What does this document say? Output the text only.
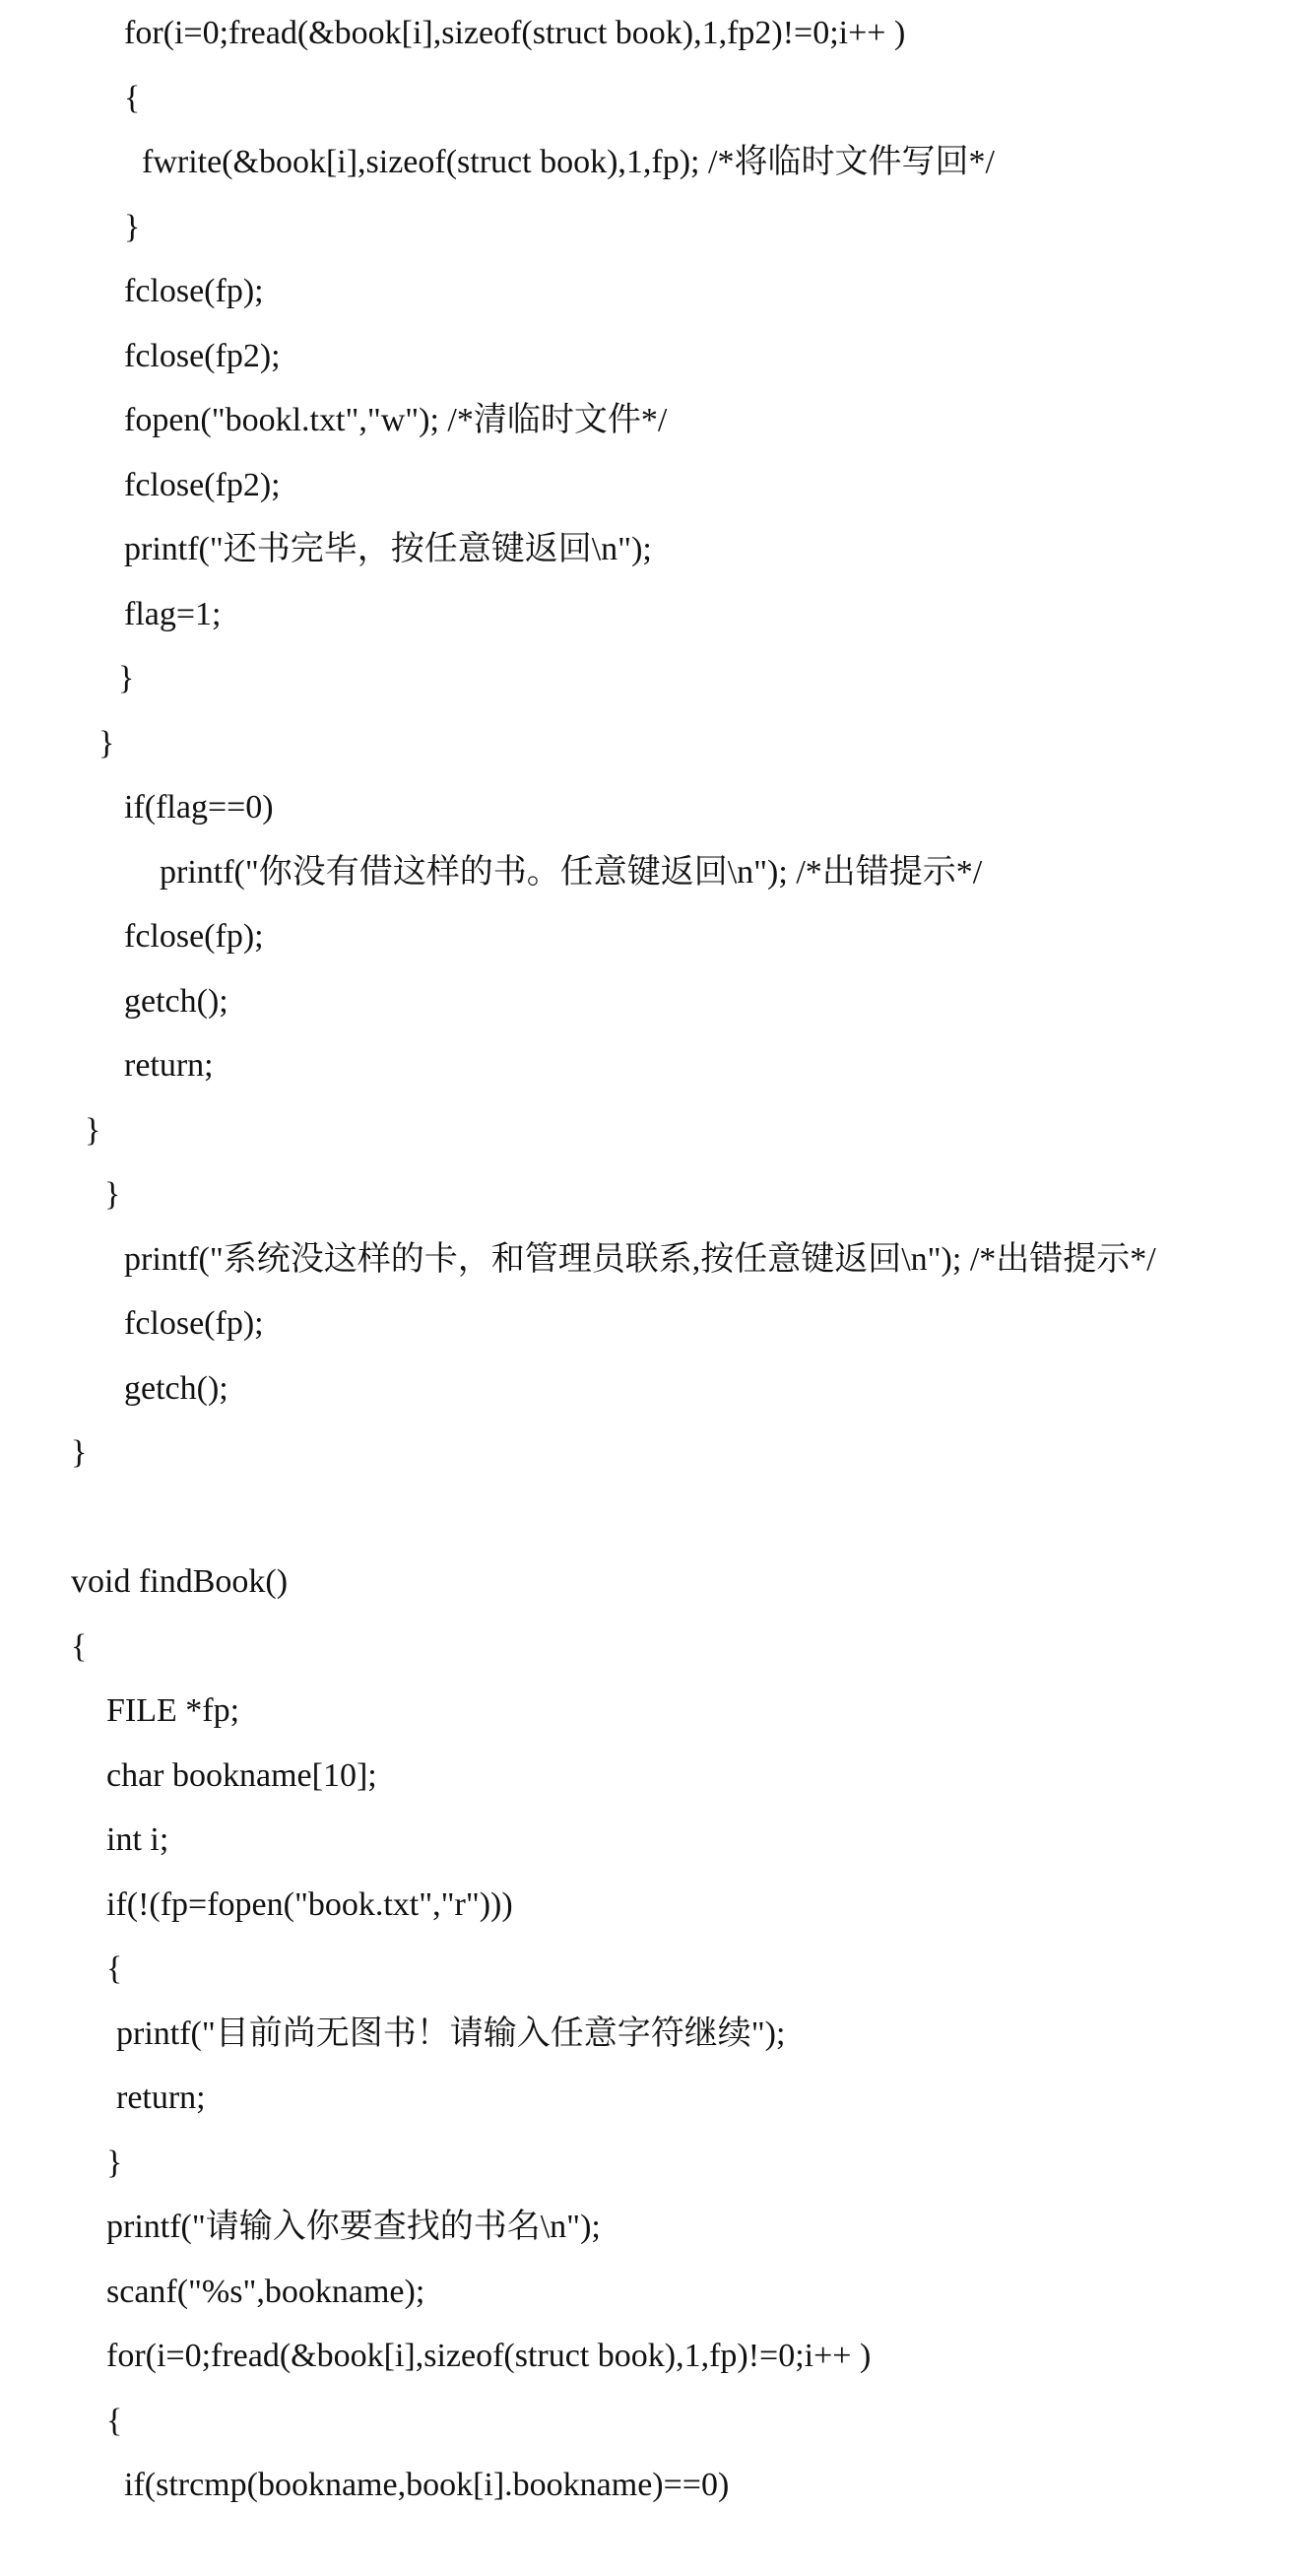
for(i=0;fread(&book[i],sizeof(struct book),1,fp2)!=0;i++ )
{
fwrite(&book[i],sizeof(struct book),1,fp); /*将临时文件写回*/
}
fclose(fp);
fclose(fp2);
fopen("bookl.txt","w"); /*清临时文件*/
fclose(fp2);
printf("还书完毕，按任意键返回\n");
flag=1;
}
}
if(flag==0)
printf("你没有借这样的书。任意键返回\n"); /*出错提示*/
fclose(fp);
getch();
return;
}
}
printf("系统没这样的卡，和管理员联系,按任意键返回\n"); /*出错提示*/
fclose(fp);
getch();
}
void findBook()
{
FILE *fp;
char bookname[10];
int i;
if(!(fp=fopen("book.txt","r")))
{
printf("目前尚无图书！请输入任意字符继续");
return;
}
printf("请输入你要查找的书名\n");
scanf("%s",bookname);
for(i=0;fread(&book[i],sizeof(struct book),1,fp)!=0;i++ )
{
if(strcmp(bookname,book[i].bookname)==0)
